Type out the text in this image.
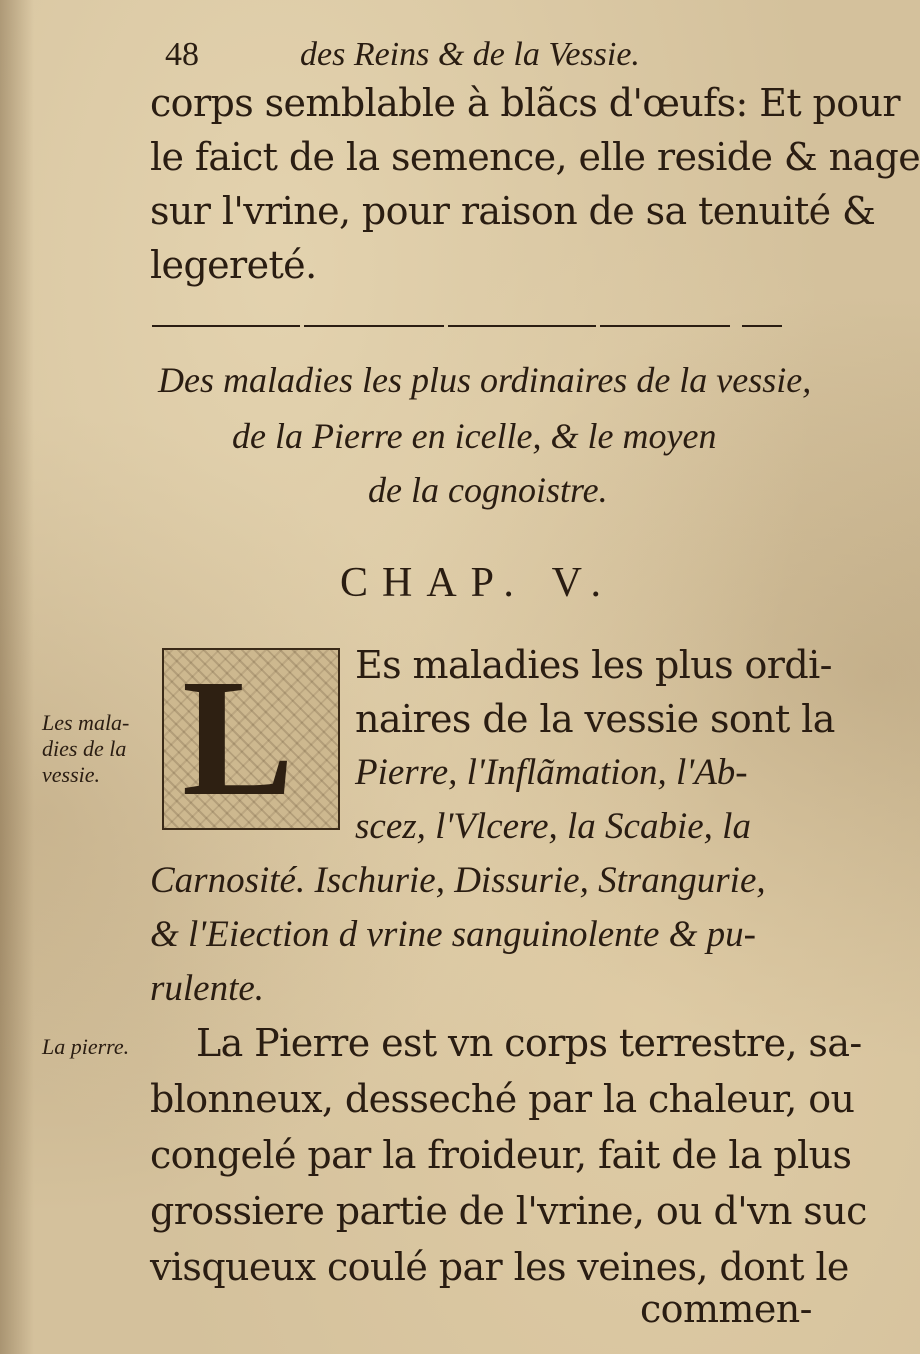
48	des Reins & de la Vessie.
corps semblable à blãcs d'œufs: Et pour
le faict de la semence, elle reside & nage
sur l'vrine, pour raison de sa tenuité &
legereté.
Des maladies les plus ordinaires de la vessie,
de la Pierre en icelle, & le moyen
de la cognoistre.
CHAP. V.
L Es maladies les plus ordi-
naires de la vessie sont la
Pierre, l'Inflãmation, l'Ab-
scez, l'Vlcere, la Scabie, la
Carnosité. Ischurie, Dissurie, Strangurie,
& l'Eiection d vrine sanguinolente & pu-
rulente.
Les mala-
dies de la
vessie.
La pierre. La Pierre est vn corps terrestre, sa-
blonneux, desseché par la chaleur, ou
congelé par la froideur, fait de la plus
grossiere partie de l'vrine, ou d'vn suc
visqueux coulé par les veines, dont le
commen-
